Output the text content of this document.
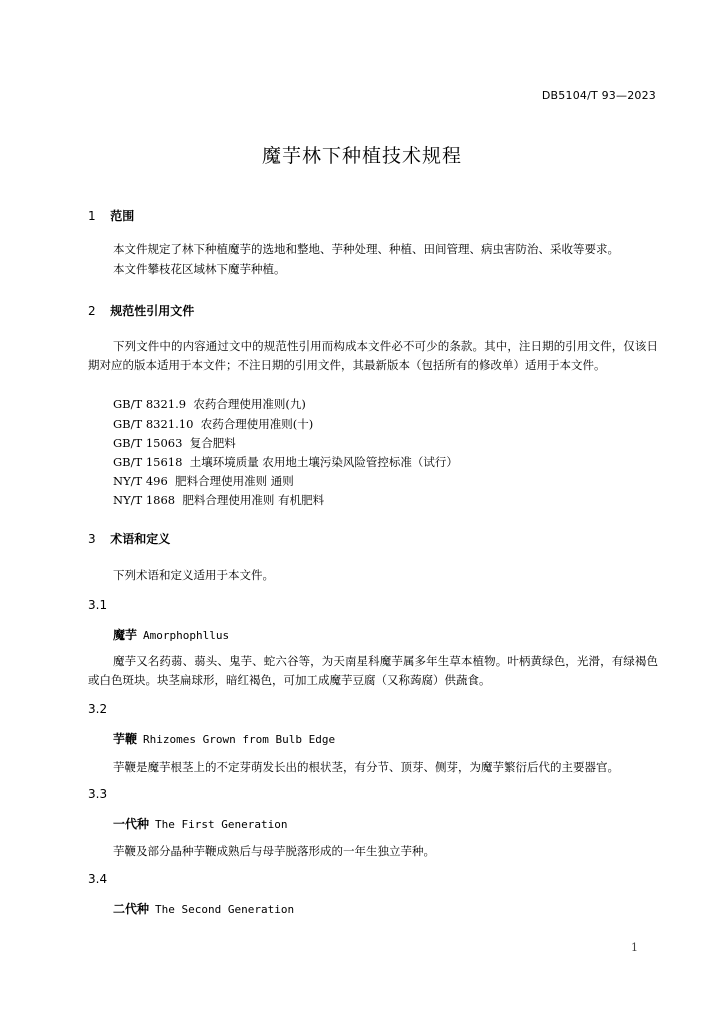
DB5104/T 93—2023
魔芋林下种植技术规程
1 范围
本文件规定了林下种植魔芋的选地和整地、芋种处理、种植、田间管理、病虫害防治、采收等要求。
本文件攀枝花区域林下魔芋种植。
2 规范性引用文件
下列文件中的内容通过文中的规范性引用而构成本文件必不可少的条款。其中，注日期的引用文件，仅该日期对应的版本适用于本文件；不注日期的引用文件，其最新版本（包括所有的修改单）适用于本文件。
GB/T 8321.9  农药合理使用准则(九)
GB/T 8321.10  农药合理使用准则(十)
GB/T 15063  复合肥料
GB/T 15618  土壤环境质量 农用地土壤污染风险管控标准（试行）
NY/T 496  肥料合理使用准则 通则
NY/T 1868  肥料合理使用准则 有机肥料
3 术语和定义
下列术语和定义适用于本文件。
3.1
魔芋 Amorphophllus
魔芋又名药蒻、蒻头、鬼芋、蛇六谷等，为天南星科魔芋属多年生草本植物。叶柄黄绿色，光滑，有绿褐色或白色斑块。块茎扁球形，暗红褐色，可加工成魔芋豆腐（又称蒟腐）供蔬食。
3.2
芋鞭 Rhizomes Grown from Bulb Edge
芋鞭是魔芋根茎上的不定芽萌发长出的根状茎，有分节、顶芽、侧芽，为魔芋繁衍后代的主要器官。
3.3
一代种 The First Generation
芋鞭及部分晶种芋鞭成熟后与母芋脱落形成的一年生独立芋种。
3.4
二代种 The Second Generation
1
